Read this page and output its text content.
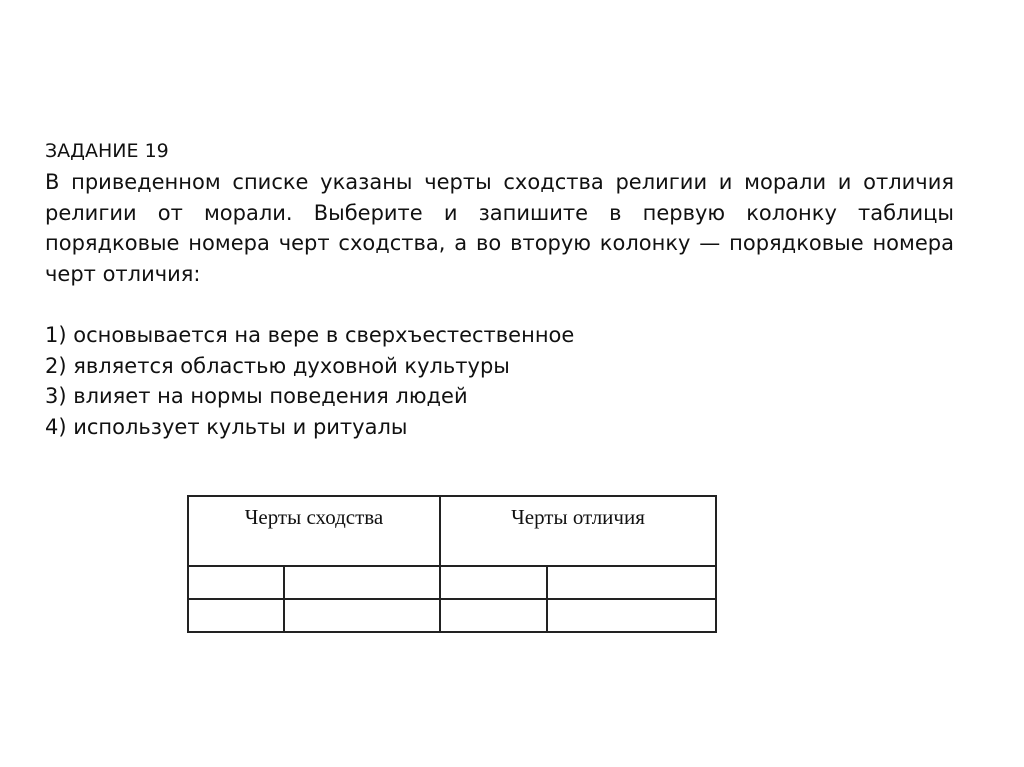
ЗАДАНИЕ 19
В приведенном списке указаны черты сходства религии и морали и отличия религии от морали. Выберите и запишите в первую колонку таблицы порядковые номера черт сходства, а во вторую колонку — порядковые номера черт отличия:
1) основывается на вере в сверхъестественное
2) является областью духовной культуры
3) влияет на нормы поведения людей
4) использует культы и ритуалы
Черты сходства		Черты отличия	
